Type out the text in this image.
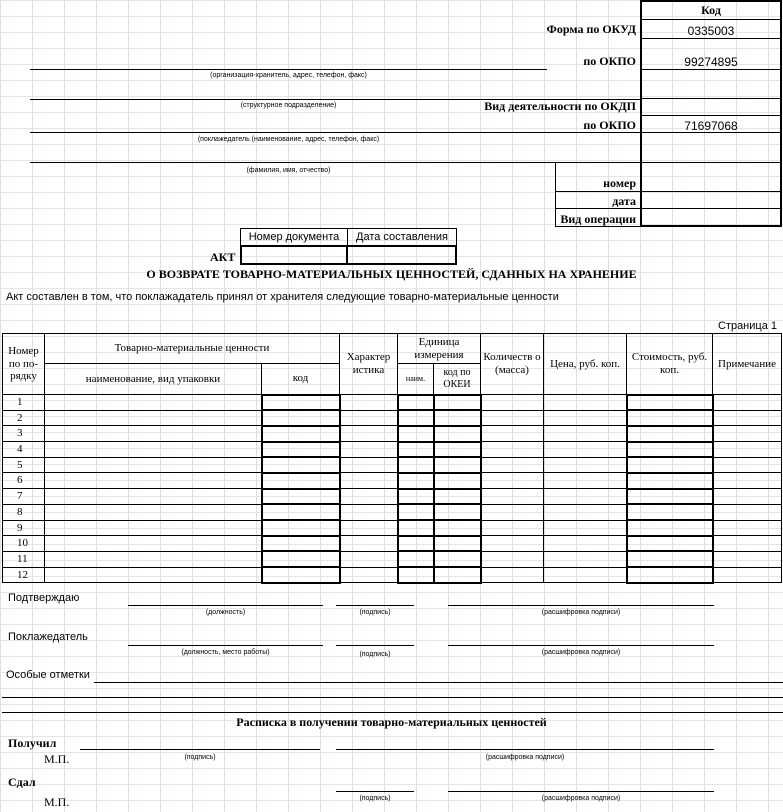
Код
Форма по ОКУД	0335003
по ОКПО	99274895
Вид деятельности по ОКДП
по ОКПО	71697068
номер
дата
Вид операции
(организация-хранитель, адрес, телефон, факс)
(структурное подразделение)
(поклажедатель (наименование, адрес, телефон, факс)
(фамилия, имя, отчество)
АКТ
Номер документа	Дата составления
О ВОЗВРАТЕ ТОВАРНО-МАТЕРИАЛЬНЫХ ЦЕННОСТЕЙ, СДАННЫХ НА ХРАНЕНИЕ
Акт составлен в том, что поклажадатель принял от хранителя следующие товарно-материальные ценности
Страница 1
Номер по по-рядку	Товарно-материальные ценности		Характер истика	Единица измерения		Количеств о (масса)	Цена, руб. коп.	Стоимость, руб. коп.	Примечание
	наименование, вид упаковки	код		наим.	код по ОКЕИ				
1									
2									
3									
4									
5									
6									
7									
8									
9									
10									
11									
12									
Подтверждаю
(должность)	(подпись)	(расшифровка подписи)
Поклажедатель
(должность, место работы)	(подпись)	(расшифровка подписи)
Особые отметки
Расписка в получении товарно-материальных ценностей
Получил
М.П.	(подпись)	(расшифровка подписи)
Сдал
М.П.	(подпись)	(расшифровка подписи)
